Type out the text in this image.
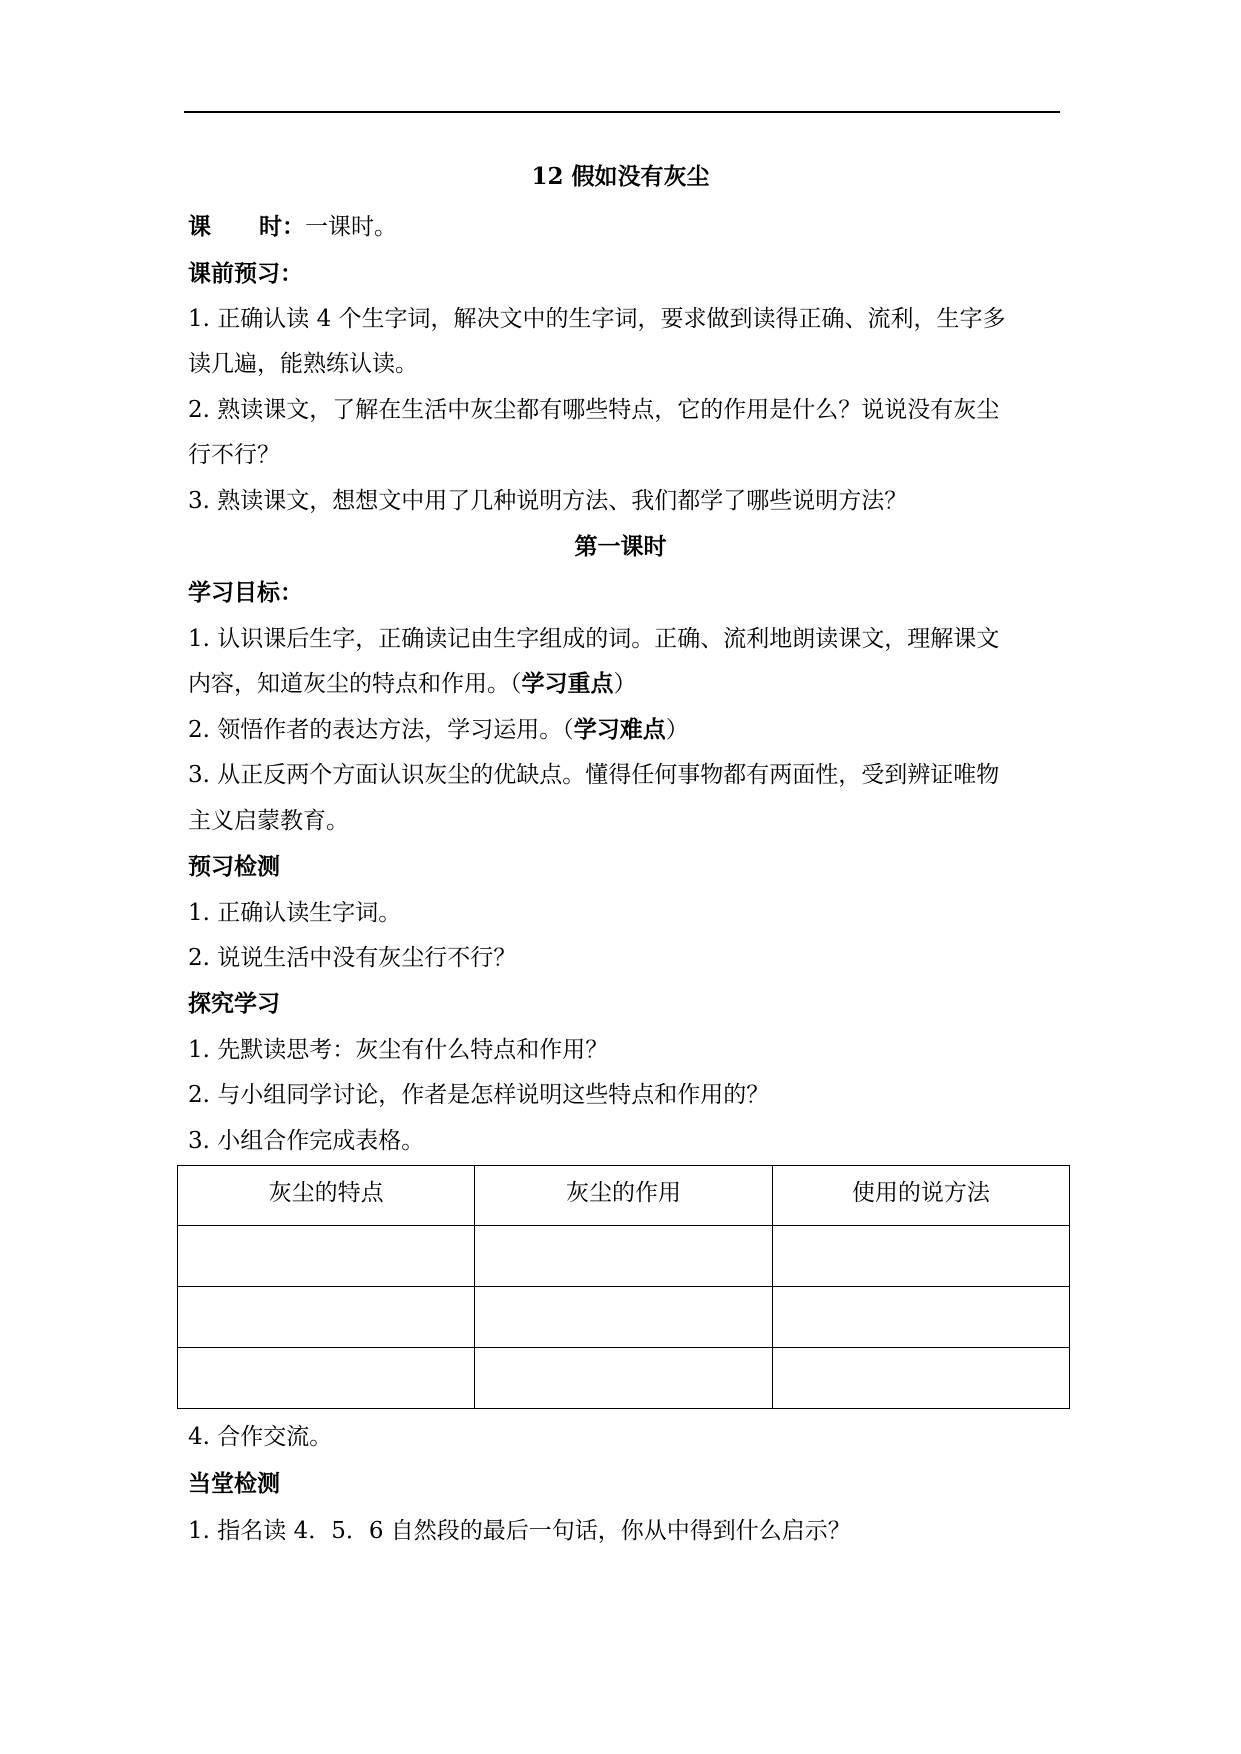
12 假如没有灰尘
课 时：一课时。
课前预习：
1. 正确认读 4 个生字词，解决文中的生字词，要求做到读得正确、流利，生字多
读几遍，能熟练认读。
2. 熟读课文，了解在生活中灰尘都有哪些特点，它的作用是什么？说说没有灰尘
行不行？
3. 熟读课文，想想文中用了几种说明方法、我们都学了哪些说明方法？
第一课时
学习目标：
1. 认识课后生字，正确读记由生字组成的词。正确、流利地朗读课文，理解课文
内容，知道灰尘的特点和作用。（学习重点）
2. 领悟作者的表达方法，学习运用。（学习难点）
3. 从正反两个方面认识灰尘的优缺点。懂得任何事物都有两面性，受到辨证唯物
主义启蒙教育。
预习检测
1. 正确认读生字词。
2. 说说生活中没有灰尘行不行？
探究学习
1. 先默读思考：灰尘有什么特点和作用？
2. 与小组同学讨论，作者是怎样说明这些特点和作用的？
3. 小组合作完成表格。
灰尘的特点	灰尘的作用	使用的说方法

4. 合作交流。
当堂检测
1. 指名读 4．5．6 自然段的最后一句话，你从中得到什么启示？
